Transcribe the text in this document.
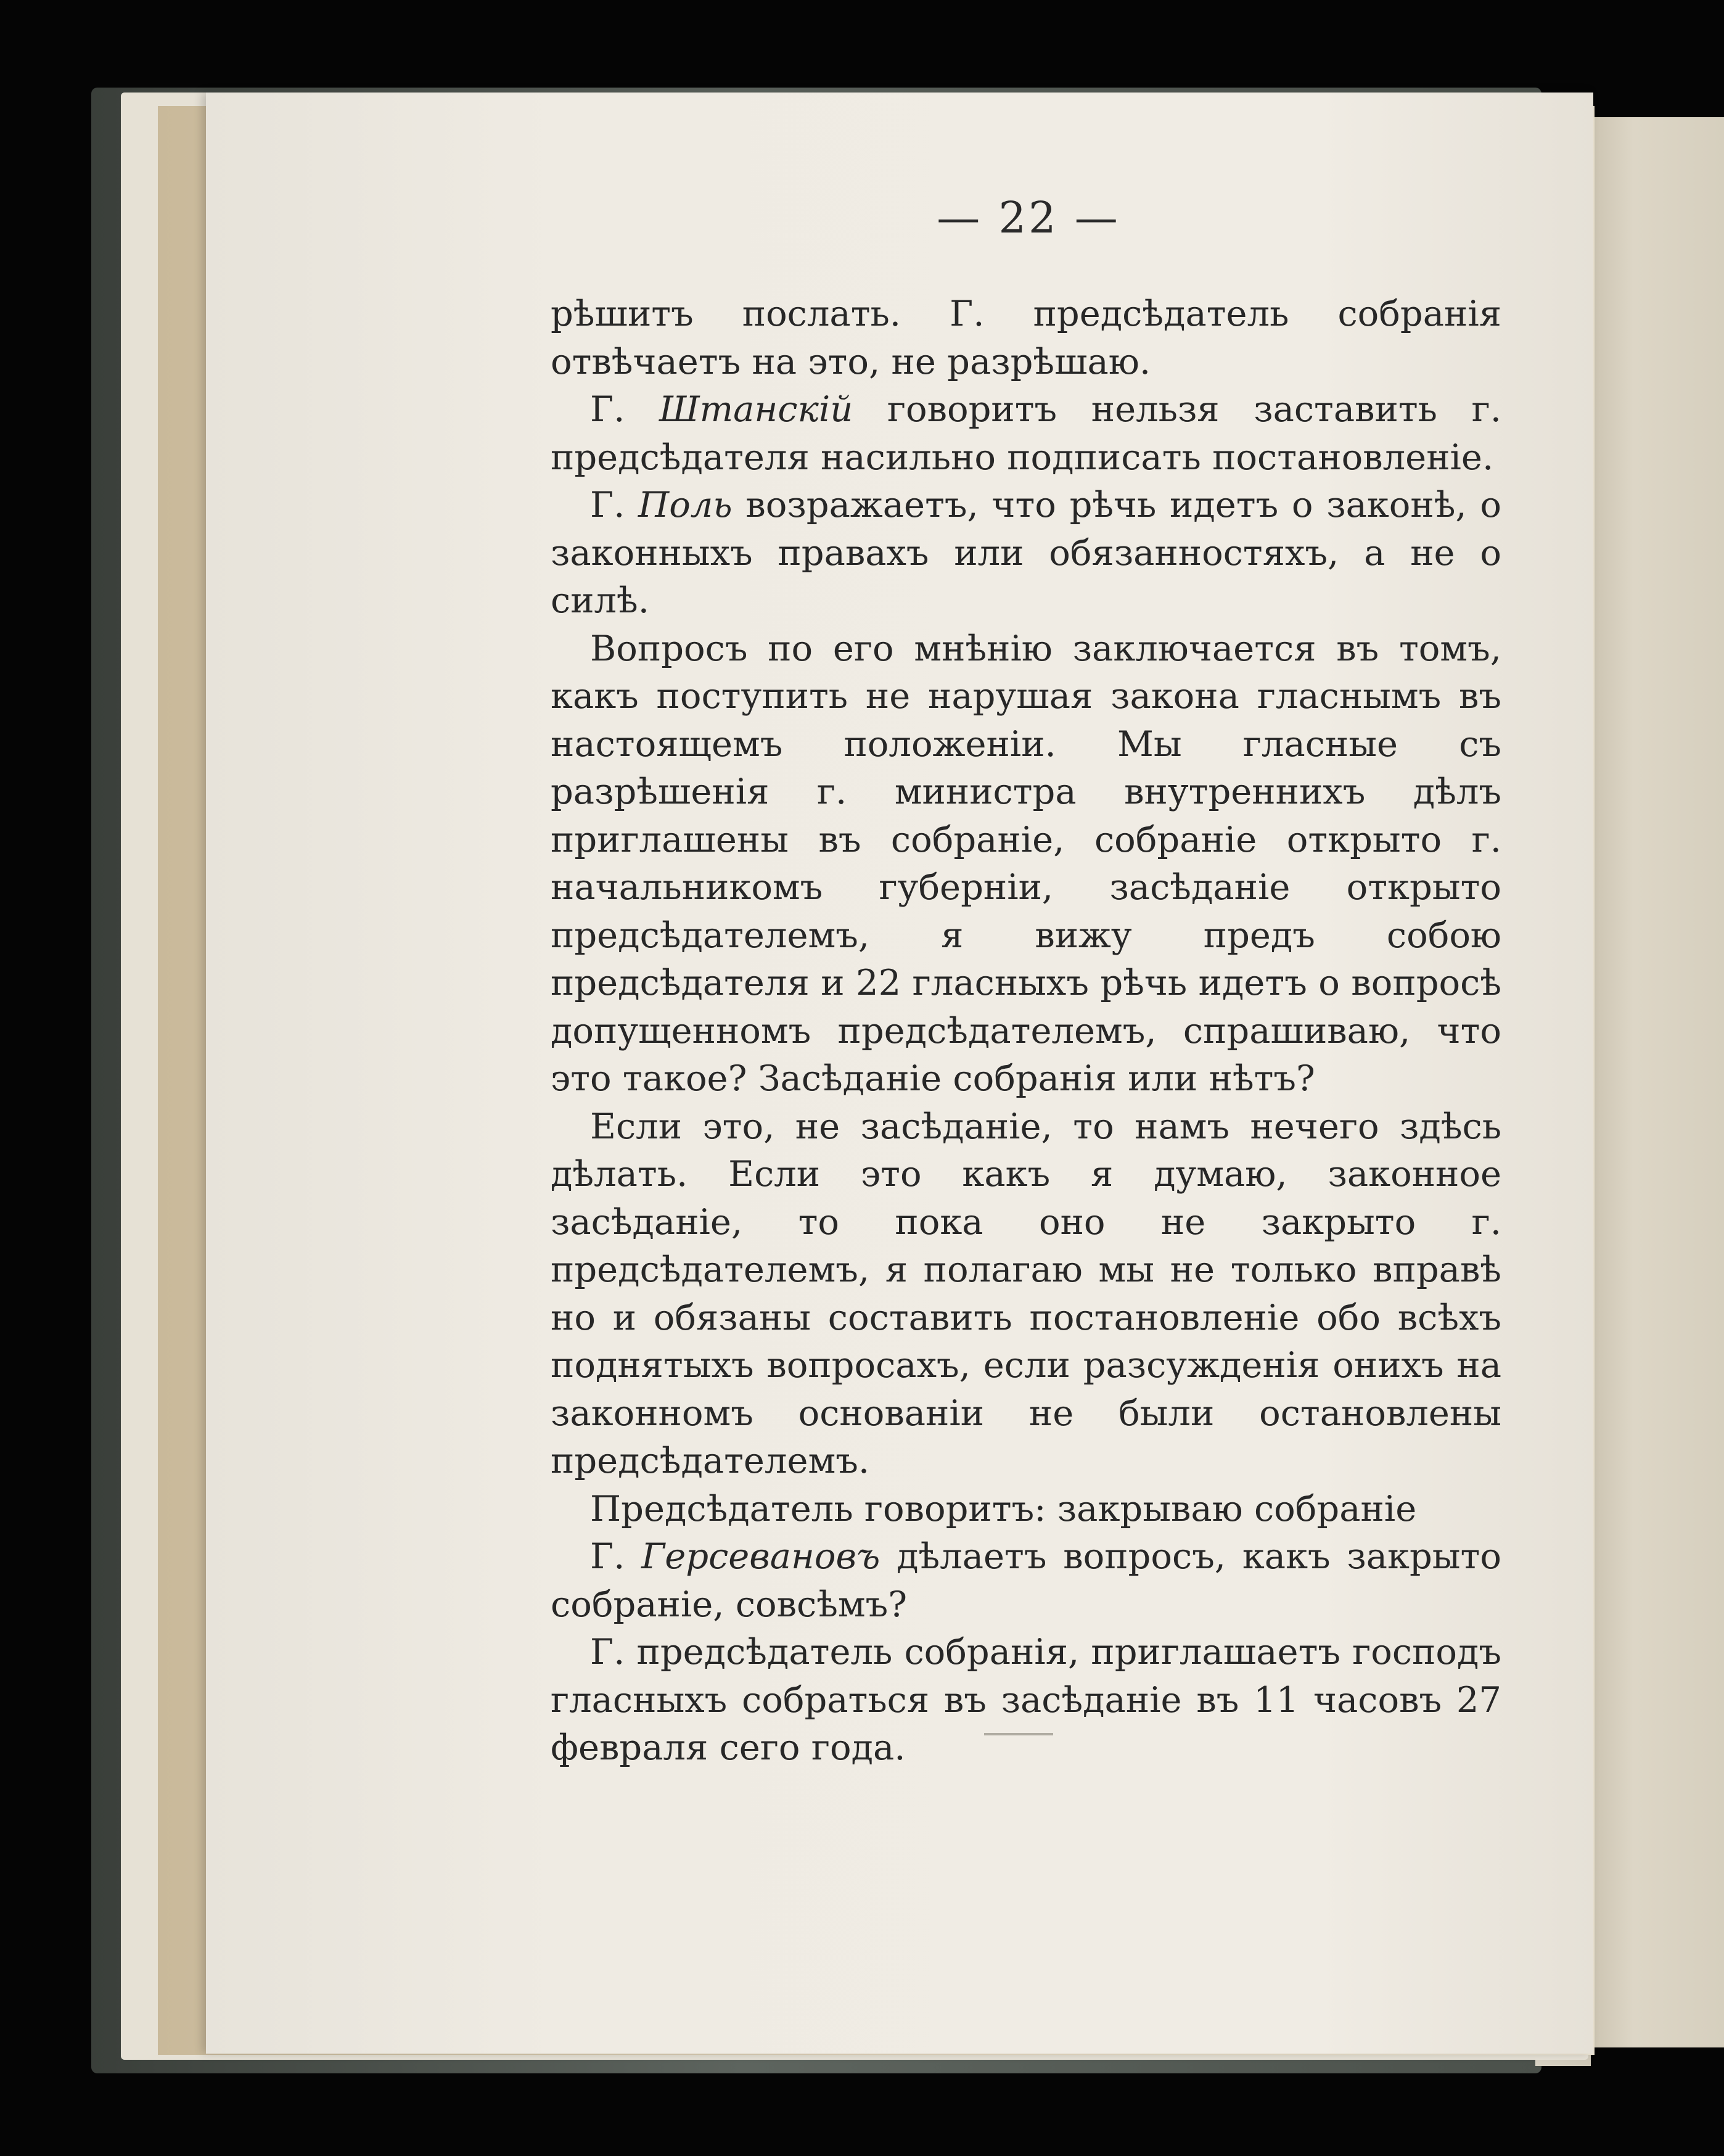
— 22 —

рѣшитъ послать. Г. предсѣдатель собранія отвѣчаетъ на это, не разрѣшаю.

Г. Штанскій говоритъ нельзя заставить г. предсѣдателя насильно подписать постановленіе.

Г. Поль возражаетъ, что рѣчь идетъ о законѣ, о законныхъ правахъ или обязанностяхъ, а не о силѣ.

Вопросъ по его мнѣнію заключается въ томъ, какъ поступить не нарушая закона гласнымъ въ настоящемъ положеніи. Мы гласные съ разрѣшенія г. министра внутреннихъ дѣлъ приглашены въ собраніе, собраніе открыто г. начальникомъ губерніи, засѣданіе открыто предсѣдателемъ, я вижу предъ собою предсѣдателя и 22 гласныхъ рѣчь идетъ о вопросѣ допущенномъ предсѣдателемъ, спрашиваю, что это такое? Засѣданіе собранія или нѣтъ?

Если это, не засѣданіе, то намъ нечего здѣсь дѣлать. Если это какъ я думаю, законное засѣданіе, то пока оно не закрыто г. предсѣдателемъ, я полагаю мы не только вправѣ но и обязаны составить постановленіе обо всѣхъ поднятыхъ вопросахъ, если разсужденія онихъ на законномъ основаніи не были остановлены предсѣдателемъ.

Предсѣдатель говоритъ: закрываю собраніе

Г. Герсевановъ дѣлаетъ вопросъ, какъ закрыто собраніе, совсѣмъ?

Г. предсѣдатель собранія, приглашаетъ господъ гласныхъ собраться въ засѣданіе въ 11 часовъ 27 февраля сего года.
